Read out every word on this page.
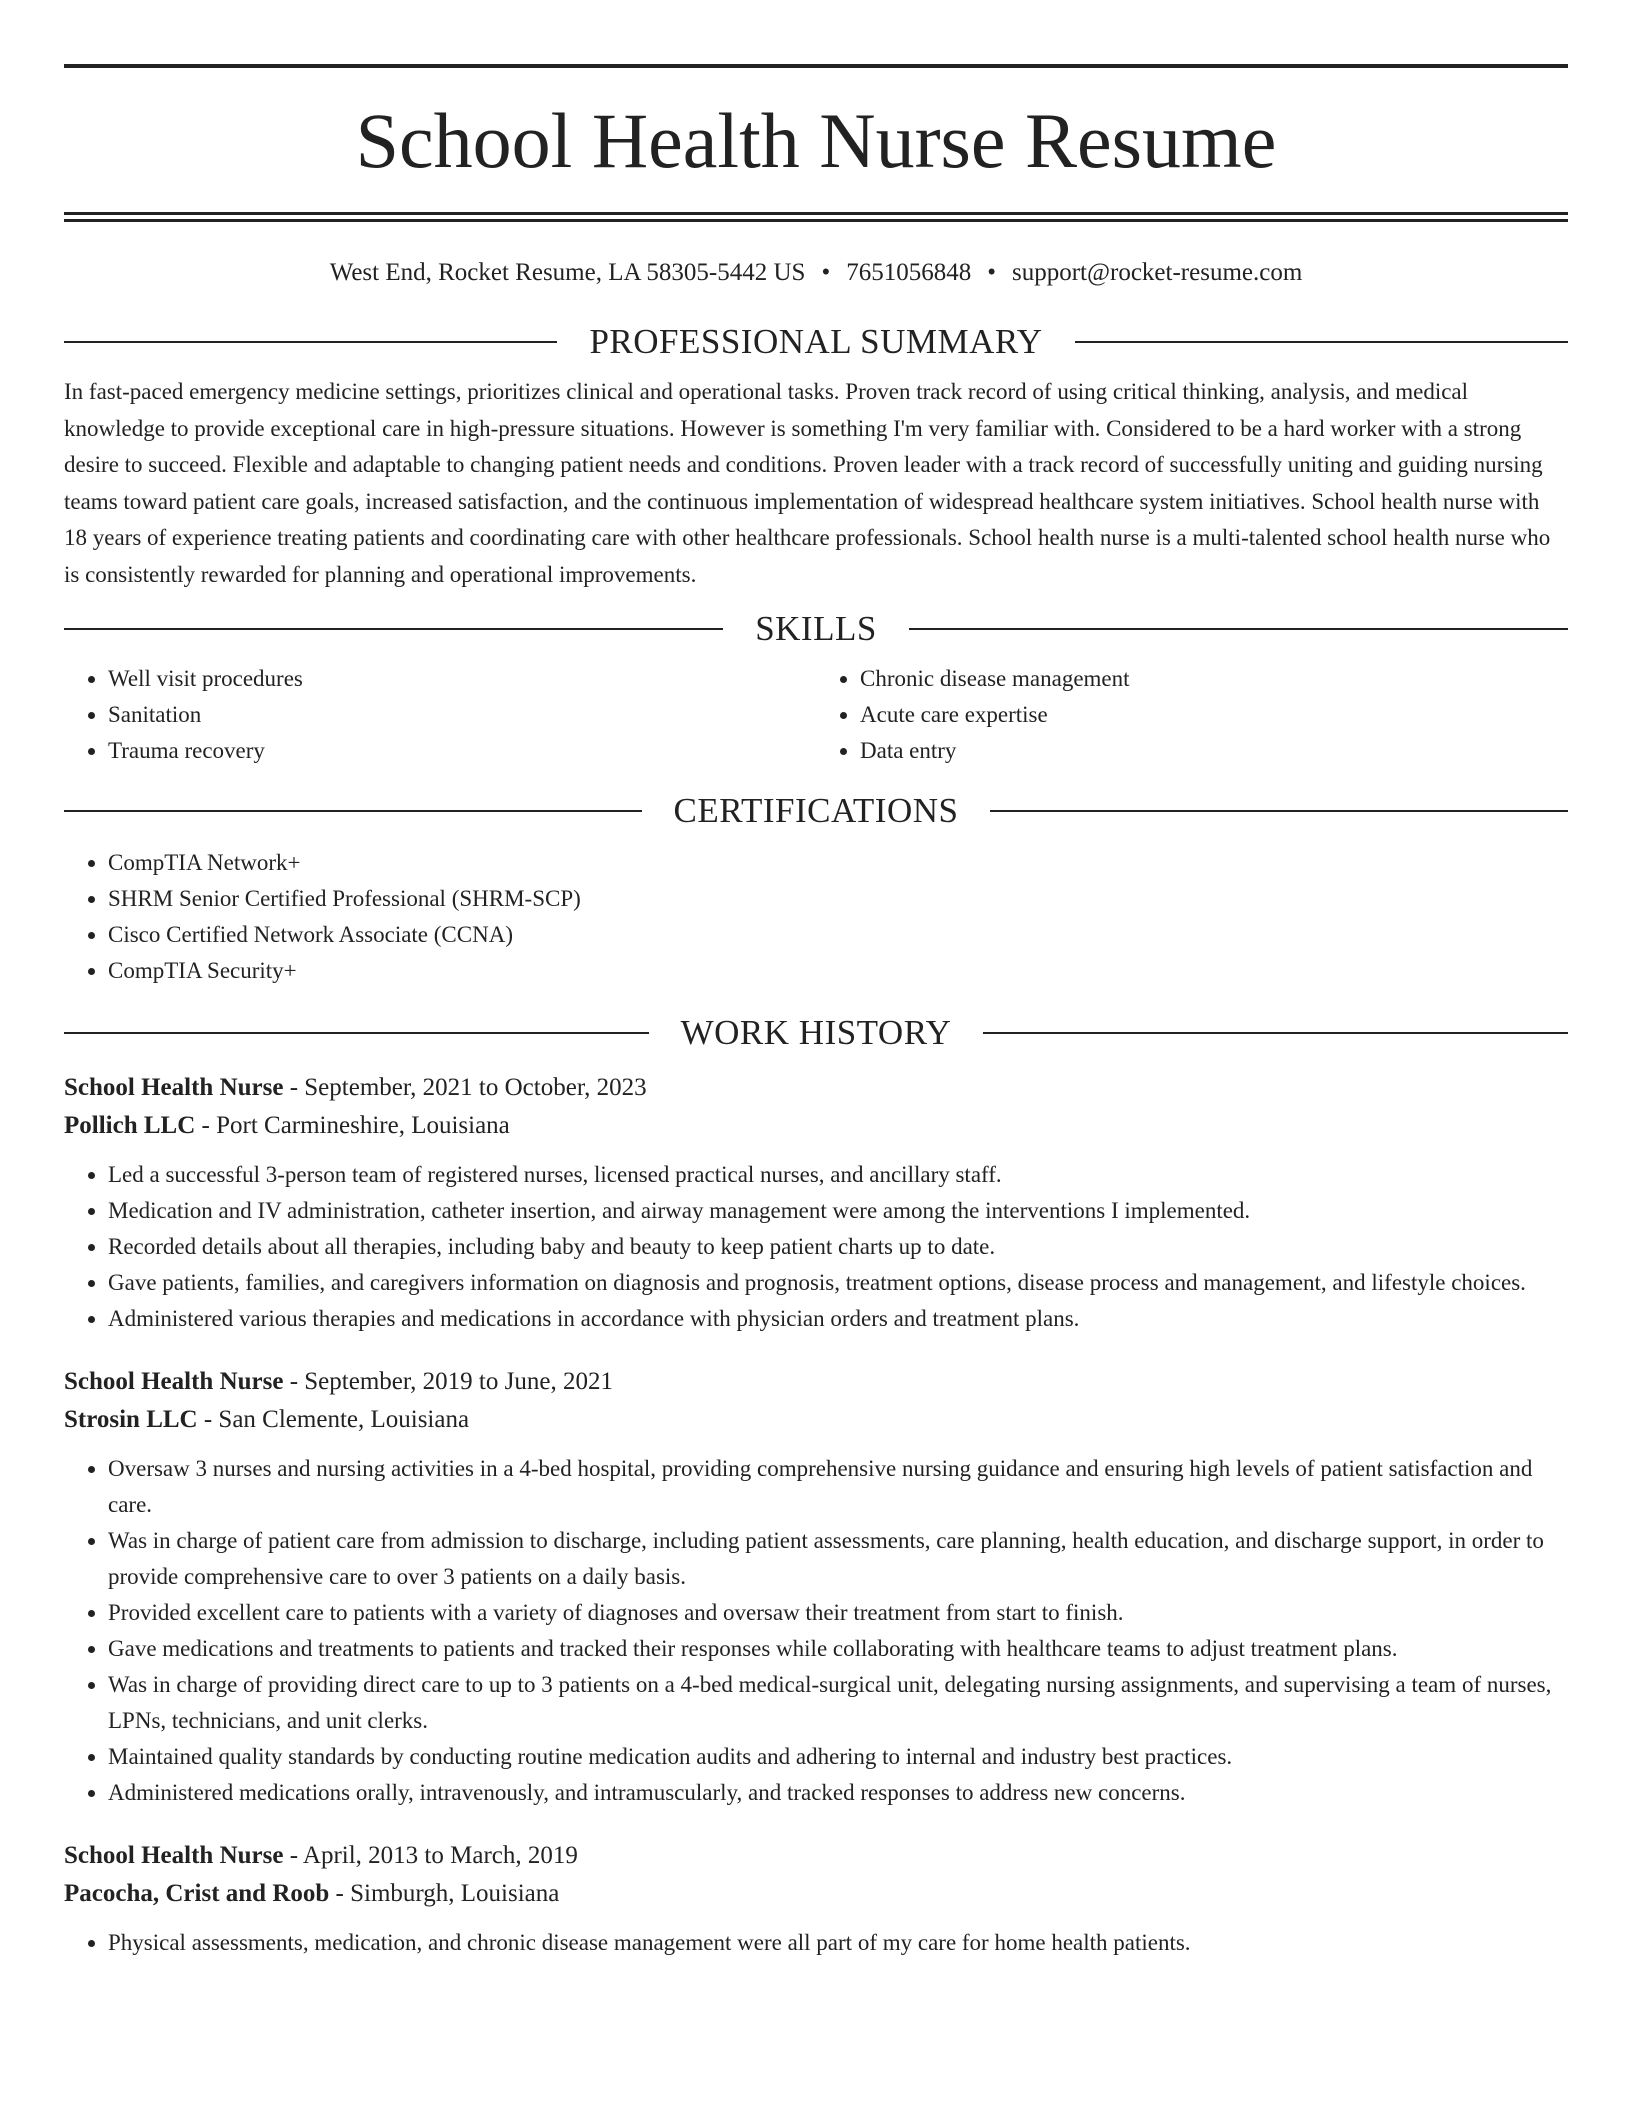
School Health Nurse Resume
West End, Rocket Resume, LA 58305-5442 US • 7651056848 • support@rocket-resume.com
PROFESSIONAL SUMMARY

In fast-paced emergency medicine settings, prioritizes clinical and operational tasks. Proven track record of using critical thinking, analysis, and medical knowledge to provide exceptional care in high-pressure situations. However is something I'm very familiar with. Considered to be a hard worker with a strong desire to succeed. Flexible and adaptable to changing patient needs and conditions. Proven leader with a track record of successfully uniting and guiding nursing teams toward patient care goals, increased satisfaction, and the continuous implementation of widespread healthcare system initiatives. School health nurse with 18 years of experience treating patients and coordinating care with other healthcare professionals. School health nurse is a multi-talented school health nurse who is consistently rewarded for planning and operational improvements.

SKILLS
• Well visit procedures
• Sanitation
• Trauma recovery
• Chronic disease management
• Acute care expertise
• Data entry
CERTIFICATIONS
• CompTIA Network+
• SHRM Senior Certified Professional (SHRM-SCP)
• Cisco Certified Network Associate (CCNA)
• CompTIA Security+
WORK HISTORY
School Health Nurse - September, 2021 to October, 2023
Pollich LLC - Port Carmineshire, Louisiana
• Led a successful 3-person team of registered nurses, licensed practical nurses, and ancillary staff.
• Medication and IV administration, catheter insertion, and airway management were among the interventions I implemented.
• Recorded details about all therapies, including baby and beauty to keep patient charts up to date.
• Gave patients, families, and caregivers information on diagnosis and prognosis, treatment options, disease process and management, and lifestyle choices.
• Administered various therapies and medications in accordance with physician orders and treatment plans.
School Health Nurse - September, 2019 to June, 2021
Strosin LLC - San Clemente, Louisiana
• Oversaw 3 nurses and nursing activities in a 4-bed hospital, providing comprehensive nursing guidance and ensuring high levels of patient satisfaction and care.
• Was in charge of patient care from admission to discharge, including patient assessments, care planning, health education, and discharge support, in order to provide comprehensive care to over 3 patients on a daily basis.
• Provided excellent care to patients with a variety of diagnoses and oversaw their treatment from start to finish.
• Gave medications and treatments to patients and tracked their responses while collaborating with healthcare teams to adjust treatment plans.
• Was in charge of providing direct care to up to 3 patients on a 4-bed medical-surgical unit, delegating nursing assignments, and supervising a team of nurses, LPNs, technicians, and unit clerks.
• Maintained quality standards by conducting routine medication audits and adhering to internal and industry best practices.
• Administered medications orally, intravenously, and intramuscularly, and tracked responses to address new concerns.
School Health Nurse - April, 2013 to March, 2019
Pacocha, Crist and Roob - Simburgh, Louisiana
• Physical assessments, medication, and chronic disease management were all part of my care for home health patients.
